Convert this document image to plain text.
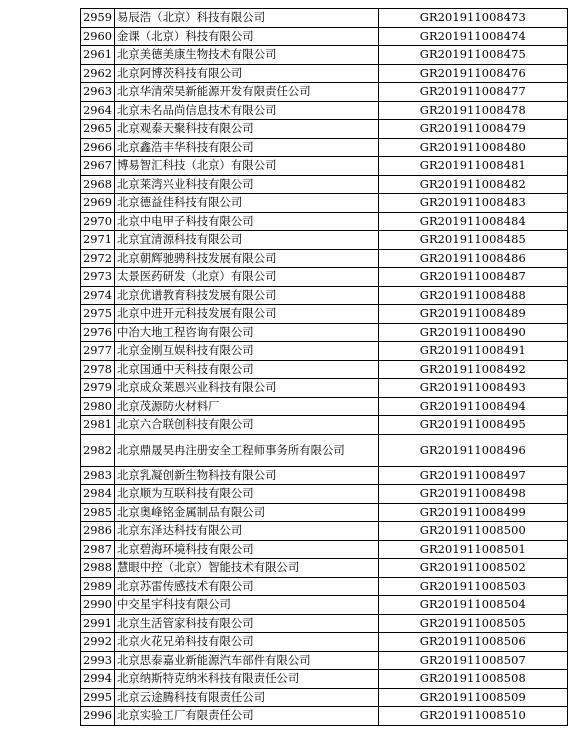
2959	易辰浩（北京）科技有限公司	GR201911008473
2960	金课（北京）科技有限公司	GR201911008474
2961	北京美德美康生物技术有限公司	GR201911008475
2962	北京阿博茨科技有限公司	GR201911008476
2963	北京华清荣昊新能源开发有限责任公司	GR201911008477
2964	北京未名品尚信息技术有限公司	GR201911008478
2965	北京观泰天聚科技有限公司	GR201911008479
2966	北京鑫浩丰华科技有限公司	GR201911008480
2967	博易智汇科技（北京）有限公司	GR201911008481
2968	北京莱湾兴业科技有限公司	GR201911008482
2969	北京德益佳科技有限公司	GR201911008483
2970	北京中电甲子科技有限公司	GR201911008484
2971	北京宜清源科技有限公司	GR201911008485
2972	北京朝辉驰骋科技发展有限公司	GR201911008486
2973	太景医药研发（北京）有限公司	GR201911008487
2974	北京优谱教育科技发展有限公司	GR201911008488
2975	北京中进开元科技发展有限公司	GR201911008489
2976	中冶大地工程咨询有限公司	GR201911008490
2977	北京金刚互娱科技有限公司	GR201911008491
2978	北京国通中天科技有限公司	GR201911008492
2979	北京成众莱恩兴业科技有限公司	GR201911008493
2980	北京茂源防火材料厂	GR201911008494
2981	北京六合联创科技有限公司	GR201911008495
2982	北京鼎晟昊冉注册安全工程师事务所有限公司	GR201911008496
2983	北京乳凝创新生物科技有限公司	GR201911008497
2984	北京顺为互联科技有限公司	GR201911008498
2985	北京奥峰铭金属制品有限公司	GR201911008499
2986	北京东泽达科技有限公司	GR201911008500
2987	北京碧海环境科技有限公司	GR201911008501
2988	慧眼中控（北京）智能技术有限公司	GR201911008502
2989	北京苏雷传感技术有限公司	GR201911008503
2990	中交星宇科技有限公司	GR201911008504
2991	北京生活管家科技有限公司	GR201911008505
2992	北京火花兄弟科技有限公司	GR201911008506
2993	北京思泰嘉业新能源汽车部件有限公司	GR201911008507
2994	北京纳斯特克纳米科技有限责任公司	GR201911008508
2995	北京云途腾科技有限责任公司	GR201911008509
2996	北京实验工厂有限责任公司	GR201911008510
